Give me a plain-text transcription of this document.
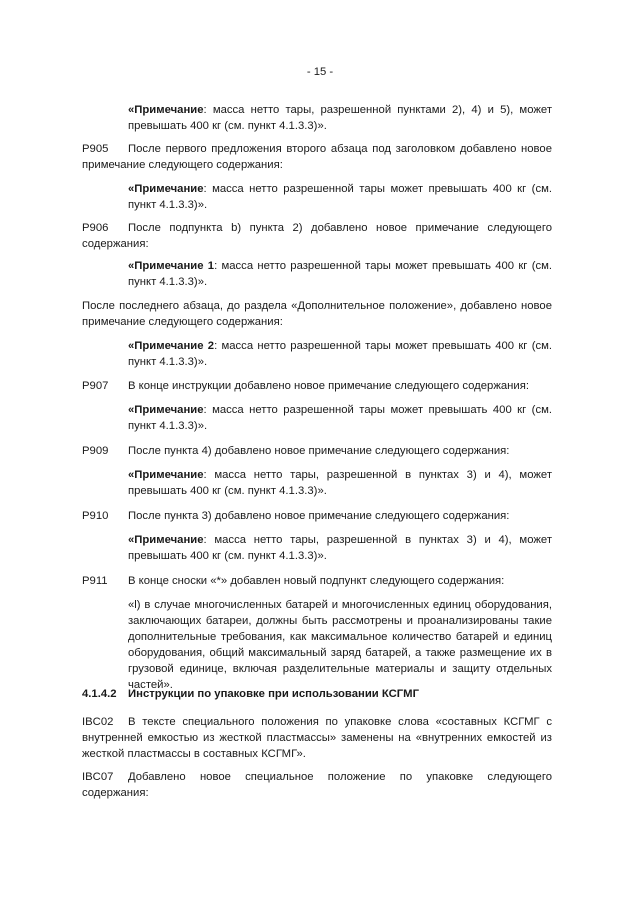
- 15 -
«Примечание: масса нетто тары, разрешенной пунктами 2), 4) и 5), может превышать 400 кг (см. пункт 4.1.3.3)».
P905 После первого предложения второго абзаца под заголовком добавлено новое примечание следующего содержания:
«Примечание: масса нетто разрешенной тары может превышать 400 кг (см. пункт 4.1.3.3)».
P906 После подпункта b) пункта 2) добавлено новое примечание следующего содержания:
«Примечание 1: масса нетто разрешенной тары может превышать 400 кг (см. пункт 4.1.3.3)».
После последнего абзаца, до раздела «Дополнительное положение», добавлено новое примечание следующего содержания:
«Примечание 2: масса нетто разрешенной тары может превышать 400 кг (см. пункт 4.1.3.3)».
P907 В конце инструкции добавлено новое примечание следующего содержания:
«Примечание: масса нетто разрешенной тары может превышать 400 кг (см. пункт 4.1.3.3)».
P909 После пункта 4) добавлено новое примечание следующего содержания:
«Примечание: масса нетто тары, разрешенной в пунктах 3) и 4), может превышать 400 кг (см. пункт 4.1.3.3)».
P910 После пункта 3) добавлено новое примечание следующего содержания:
«Примечание: масса нетто тары, разрешенной в пунктах 3) и 4), может превышать 400 кг (см. пункт 4.1.3.3)».
P911 В конце сноски «*» добавлен новый подпункт следующего содержания:
«l) в случае многочисленных батарей и многочисленных единиц оборудования, заключающих батареи, должны быть рассмотрены и проанализированы такие дополнительные требования, как максимальное количество батарей и единиц оборудования, общий максимальный заряд батарей, а также размещение их в грузовой единице, включая разделительные материалы и защиту отдельных частей».
4.1.4.2 Инструкции по упаковке при использовании КСГМГ
IBC02 В тексте специального положения по упаковке слова «составных КСГМГ с внутренней емкостью из жесткой пластмассы» заменены на «внутренних емкостей из жесткой пластмассы в составных КСГМГ».
IBC07 Добавлено новое специальное положение по упаковке следующего содержания:
